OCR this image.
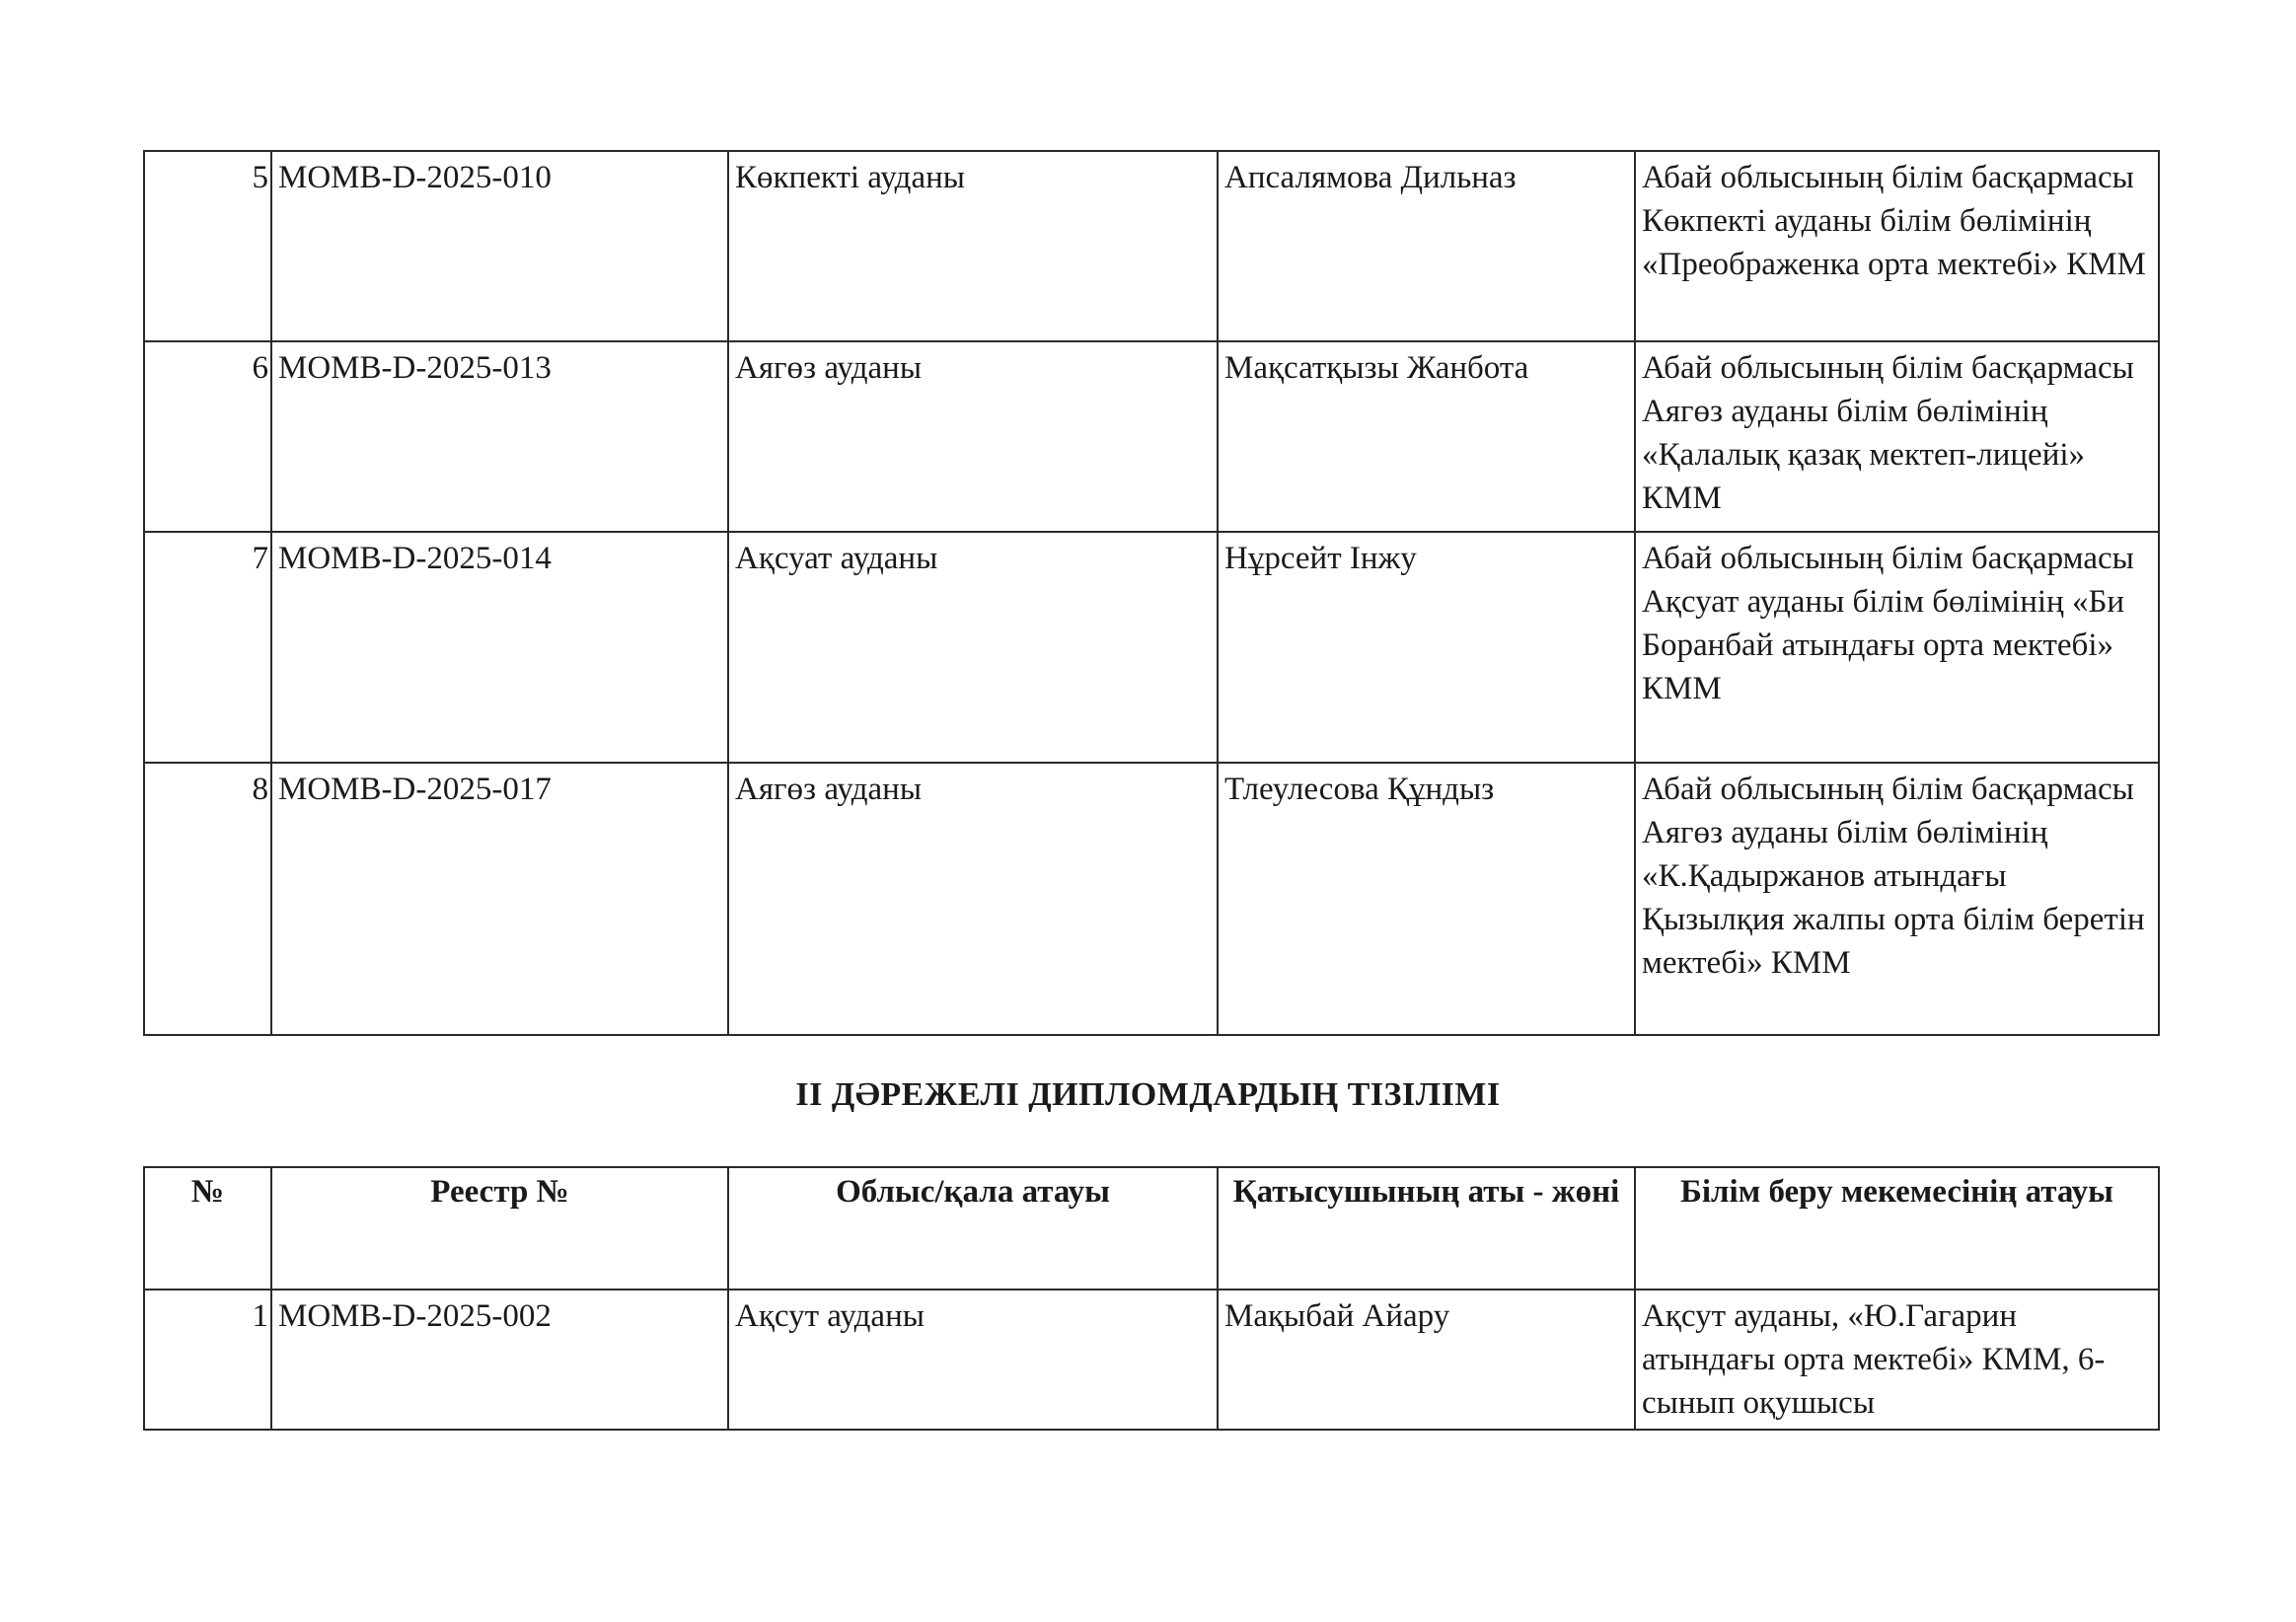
5	MOMB-D-2025-010	Көкпекті ауданы	Апсалямова Дильназ	Абай облысының білім басқармасы Көкпекті ауданы білім бөлімінің «Преображенка орта мектебі» КММ
6	MOMB-D-2025-013	Аягөз ауданы	Мақсатқызы Жанбота	Абай облысының білім басқармасы Аягөз ауданы білім бөлімінің «Қалалық қазақ мектеп-лицейі» КММ
7	MOMB-D-2025-014	Ақсуат ауданы	Нұрсейт Інжу	Абай облысының білім басқармасы Ақсуат ауданы білім бөлімінің «Би Боранбай атындағы орта мектебі» КММ
8	MOMB-D-2025-017	Аягөз ауданы	Тлеулесова Құндыз	Абай облысының білім басқармасы Аягөз ауданы білім бөлімінің «К.Қадыржанов атындағы Қызылқия жалпы орта білім беретін мектебі» КММ
II ДӘРЕЖЕЛІ ДИПЛОМДАРДЫҢ ТІЗІЛІМІ
№	Реестр №	Облыс/қала атауы	Қатысушының аты - жөні	Білім беру мекемесінің атауы
1	MOMB-D-2025-002	Ақсут ауданы	Мақыбай Айару	Ақсут ауданы, «Ю.Гагарин атындағы орта мектебі» КММ, 6-сынып оқушысы
